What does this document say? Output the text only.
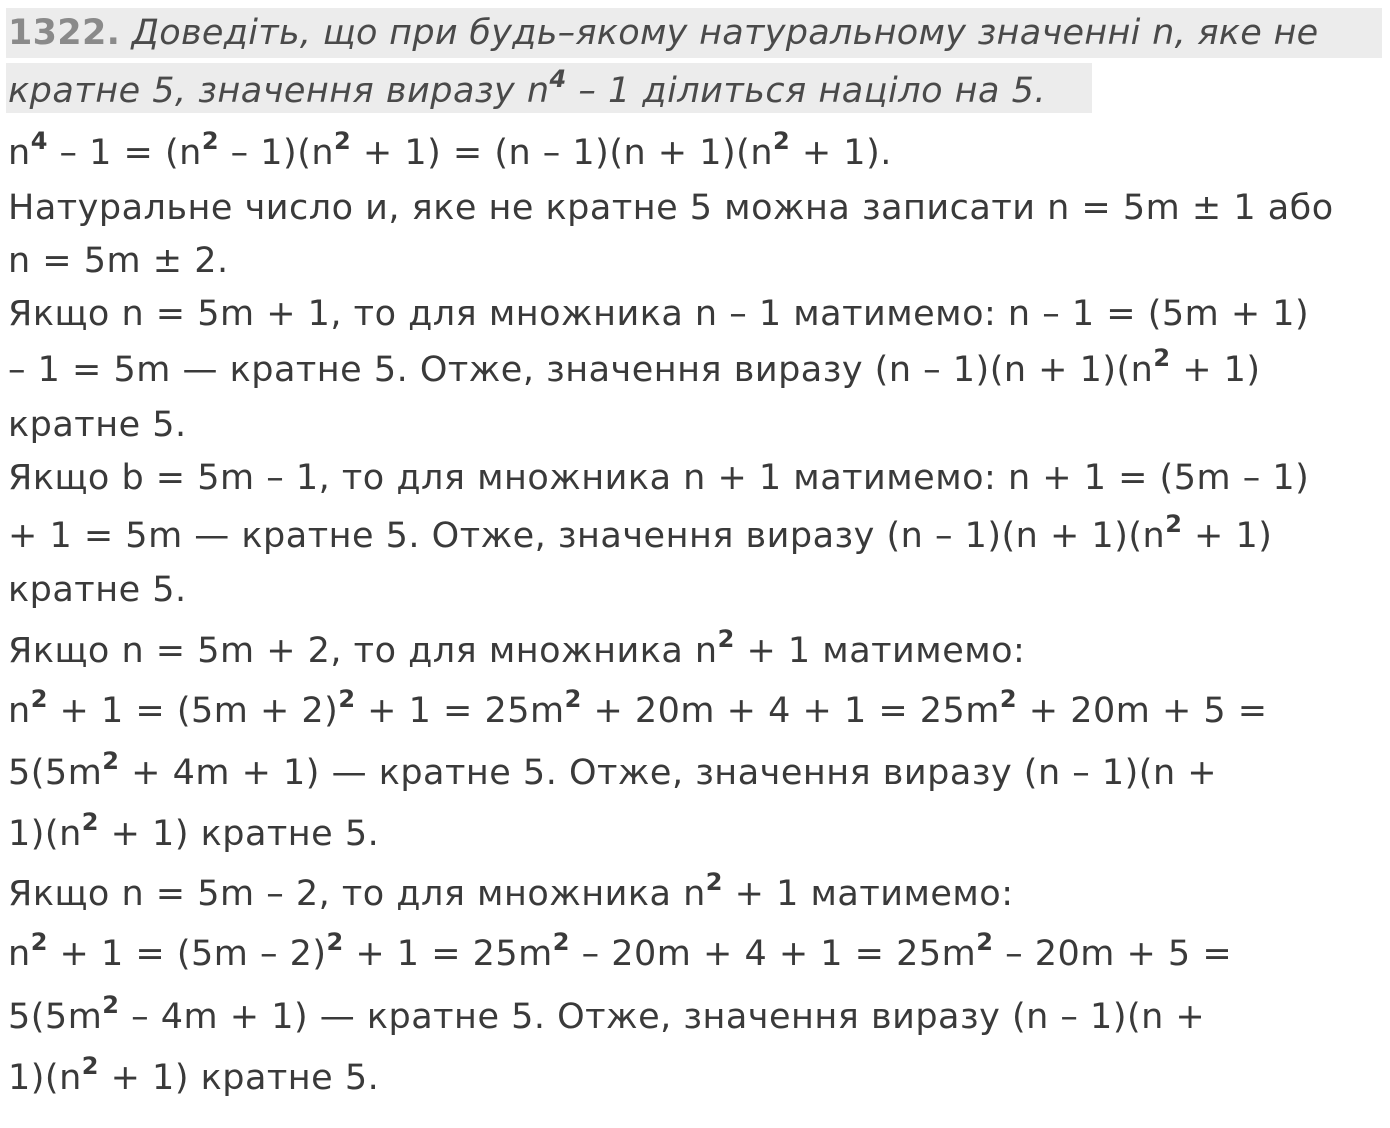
1322. Доведіть, що при будь–якому натуральному значенні n, яке не
кратне 5, значення виразу $n^4 - 1$ ділиться націло на 5.
$n^4 - 1 = (n^2 - 1)(n^2 + 1) = (n - 1)(n + 1)(n^2 + 1)$.
Натуральне число и, яке не кратне 5 можна записати n = 5m ± 1 або
n = 5m ± 2.
Якщо n = 5m + 1, то для множника n – 1 матимемо: n – 1 = (5m + 1)
– 1 = 5m — кратне 5. Отже, значення виразу $(n - 1)(n + 1)(n^2 + 1)$
кратне 5.
Якщо b = 5m – 1, то для множника n + 1 матимемо: n + 1 = (5m – 1)
+ 1 = 5m — кратне 5. Отже, значення виразу $(n - 1)(n + 1)(n^2 + 1)$
кратне 5.
Якщо n = 5m + 2, то для множника $n^2 + 1$ матимемо:
$n^2 + 1 = (5m + 2)^2 + 1 = 25m^2 + 20m + 4 + 1 = 25m^2 + 20m + 5$ =
$5(5m^2 + 4m + 1)$ — кратне 5. Отже, значення виразу (n – 1)(n +
$1)(n^2 + 1)$ кратне 5.
Якщо n = 5m – 2, то для множника $n^2 + 1$ матимемо:
$n^2 + 1 = (5m - 2)^2 + 1 = 25m^2 - 20m + 4 + 1 = 25m^2 - 20m + 5$ =
$5(5m^2 - 4m + 1)$ — кратне 5. Отже, значення виразу (n – 1)(n +
$1)(n^2 + 1)$ кратне 5.
